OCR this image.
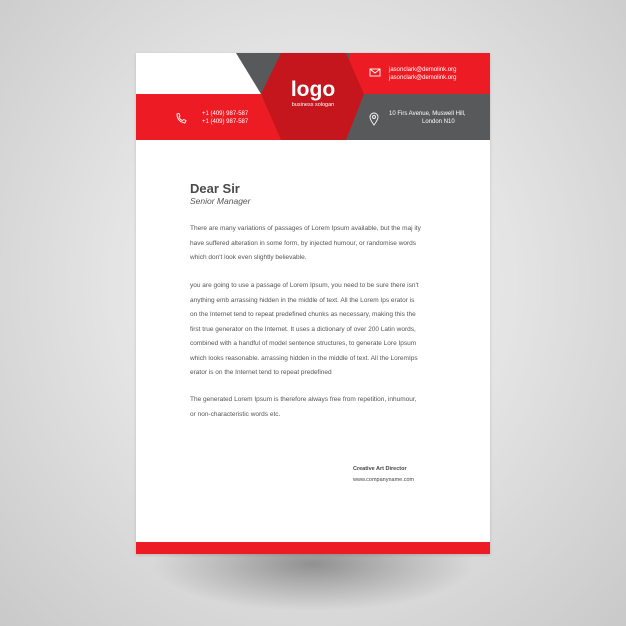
logo
business sologan
+1 (409) 987-587
+1 (409) 987-587
jasonclark@demolink.org
jasonclark@demolink.org
10 Firs Avenue, Muswell Hill,
London N10
Dear Sir
Senior Manager

There are many variations of passages of Lorem Ipsum available, but the maj ity
have suffered alteration in some form, by injected humour, or randomise words
which don't look even slightly believable.

you are going to use a passage of Lorem Ipsum, you need to be sure there isn't
anything emb arrassing hidden in the middle of text. All the Lorem Ips erator is
on the Internet tend to repeat predefined chunks as necessary, making this the
first true generator on the Internet. It uses a dictionary of over 200 Latin words,
combined with a handful of model sentence structures, to generate Lore Ipsum
which looks reasonable. arrassing hidden in the middle of text. All the LoremIps
erator is on the Internet tend to repeat predefined

The generated Lorem Ipsum is therefore always free from repetition, inhumour,
or non-characteristic words etc.

Creative Art Director
www.companyname.com
